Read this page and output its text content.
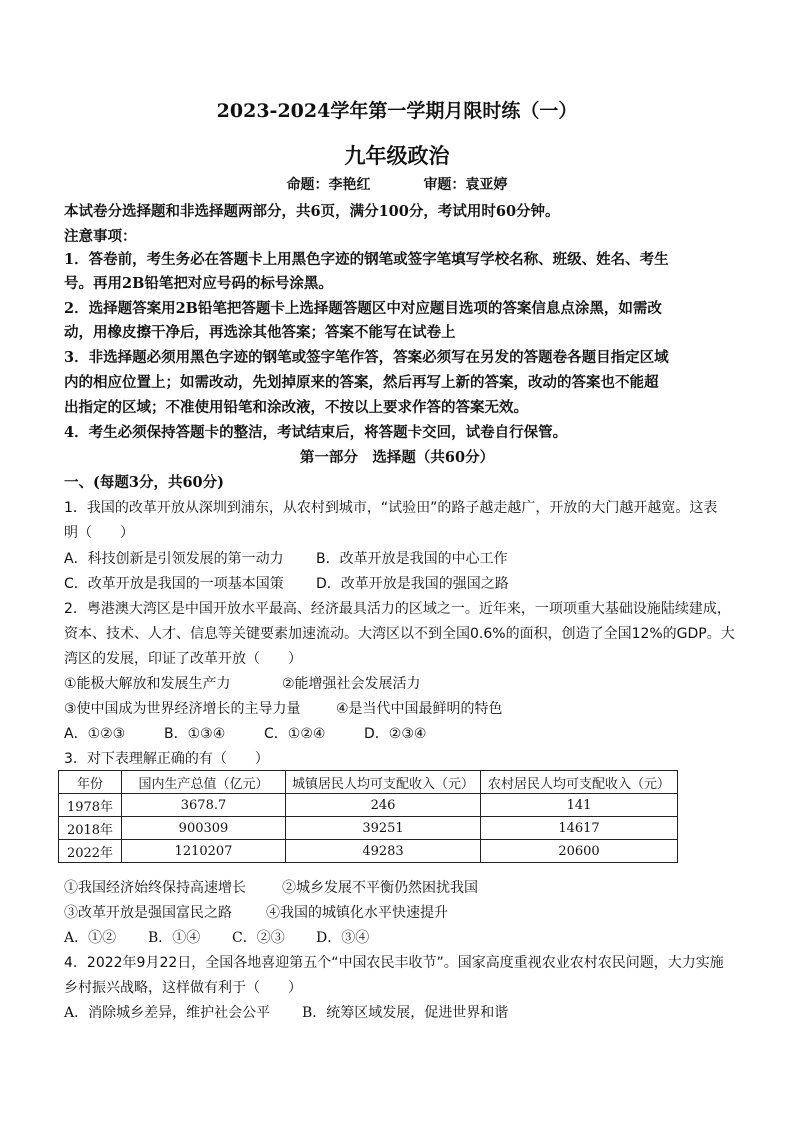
2023-2024学年第一学期月限时练（一）
九年级政治
命题：李艳红	审题：袁亚婷
本试卷分选择题和非选择题两部分，共6页，满分100分，考试用时60分钟。
注意事项：
1．答卷前，考生务必在答题卡上用黑色字迹的钢笔或签字笔填写学校名称、班级、姓名、考生
号。再用2B铅笔把对应号码的标号涂黑。
2．选择题答案用2B铅笔把答题卡上选择题答题区中对应题目选项的答案信息点涂黑，如需改
动，用橡皮擦干净后，再选涂其他答案；答案不能写在试卷上
3．非选择题必须用黑色字迹的钢笔或签字笔作答，答案必须写在另发的答题卷各题目指定区域
内的相应位置上；如需改动，先划掉原来的答案，然后再写上新的答案，改动的答案也不能超
出指定的区域；不准使用铅笔和涂改液，不按以上要求作答的答案无效。
4．考生必须保持答题卡的整洁，考试结束后，将答题卡交回，试卷自行保管。
第一部分　选择题（共60分）
一、(每题3分，共60分)
1．我国的改革开放从深圳到浦东，从农村到城市，“试验田”的路子越走越广，开放的大门越开越宽。这表
明（　　）
A．科技创新是引领发展的第一动力 B．改革开放是我国的中心工作
C．改革开放是我国的一项基本国策 D．改革开放是我国的强国之路
2．粤港澳大湾区是中国开放水平最高、经济最具活力的区域之一。近年来，一项项重大基础设施陆续建成，
资本、技术、人才、信息等关键要素加速流动。大湾区以不到全国0.6%的面积，创造了全国12%的GDP。大
湾区的发展，印证了改革开放（　　）
①能极大解放和发展生产力	②能增强社会发展活力
③使中国成为世界经济增长的主导力量	④是当代中国最鲜明的特色
A．①②③	B．①③④	C．①②④	D．②③④
3．对下表理解正确的有（　　）
年份	国内生产总值（亿元）	城镇居民人均可支配收入（元）	农村居民人均可支配收入（元）
1978年	3678.7	246	141
2018年	900309	39251	14617
2022年	1210207	49283	20600
①我国经济始终保持高速增长	②城乡发展不平衡仍然困扰我国
③改革开放是强国富民之路 ④我国的城镇化水平快速提升
A．①② B．①④ C．②③ D．③④
4．2022年9月22日，全国各地喜迎第五个“中国农民丰收节”。国家高度重视农业农村农民问题，大力实施
乡村振兴战略，这样做有利于（　　）
A．消除城乡差异，维护社会公平 B．统筹区域发展，促进世界和谐
